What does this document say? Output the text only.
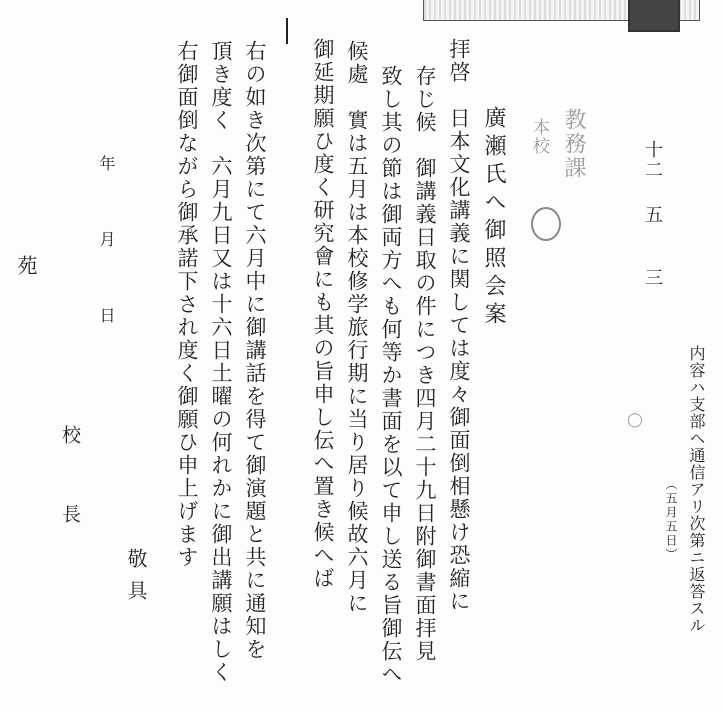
教務課
本校
十二
五
三
◯	内容ハ支部ヘ通信アリ次第ニ返答スル
（五月五日）
廣瀬氏へ御照会案
拝啓　日本文化講義に関しては度々御面倒相懸け恐縮に
存じ候　御講義日取の件につき四月二十九日附御書面拝見
致し其の節は御両方へも何等か書面を以て申し送る旨御伝へ
候處　實は五月は本校修学旅行期に当り居り候故六月に
御延期願ひ度く研究會にも其の旨申し伝へ置き候へば
右の如き次第にて六月中に御講話を得て御演題と共に通知を
頂き度く　六月九日又は十六日土曜の何れかに御出講願はしく
右御面倒ながら御承諾下され度く御願ひ申上げます
敬具
年　月　日
校長
苑
